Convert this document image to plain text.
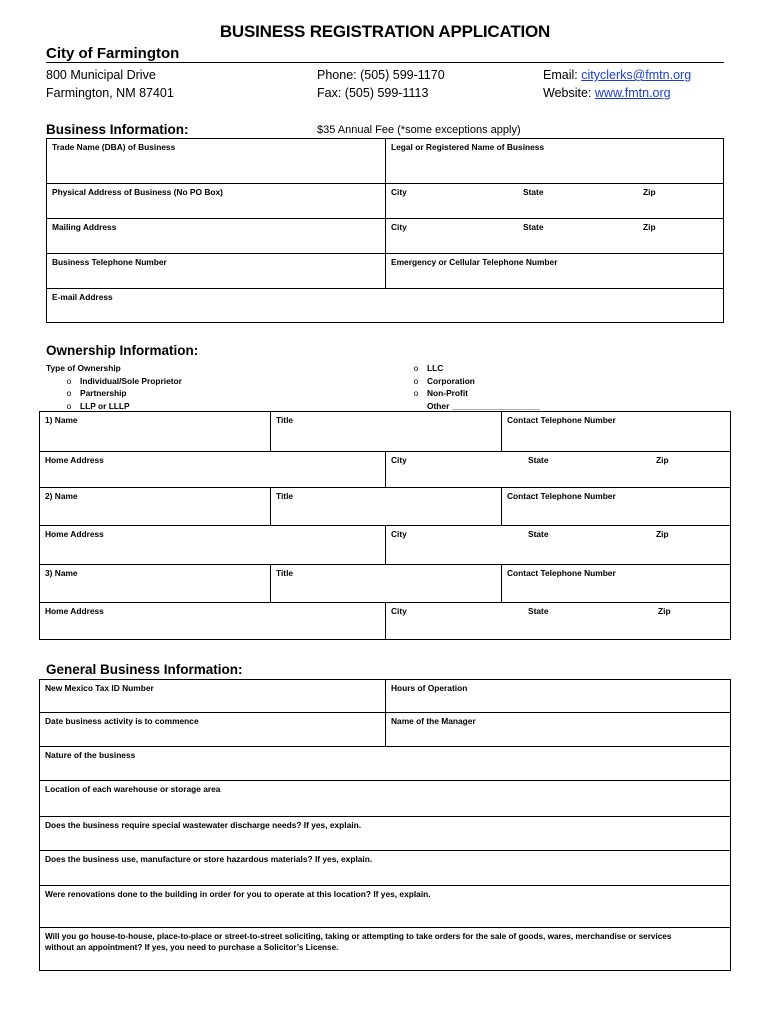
BUSINESS REGISTRATION APPLICATION
City of Farmington
800 Municipal Drive
Farmington, NM 87401
Phone: (505) 599-1170
Fax: (505) 599-1113
Email: cityclerks@fmtn.org
Website: www.fmtn.org
Business Information:	$35 Annual Fee (*some exceptions apply)
Trade Name (DBA) of Business	Legal or Registered Name of Business
Physical Address of Business (No PO Box)	City	State	Zip
Mailing Address	City	State	Zip
Business Telephone Number	Emergency or Cellular Telephone Number
E-mail Address
Ownership Information:
Type of Ownership
o Individual/Sole Proprietor
o Partnership
o LLP or LLLP
o LLC
o Corporation
o Non-Profit
Other ___________________
1) Name	Title	Contact Telephone Number
Home Address	City	State	Zip
2) Name	Title	Contact Telephone Number
Home Address	City	State	Zip
3) Name	Title	Contact Telephone Number
Home Address	City	State	Zip
General Business Information:
New Mexico Tax ID Number	Hours of Operation
Date business activity is to commence	Name of the Manager
Nature of the business
Location of each warehouse or storage area
Does the business require special wastewater discharge needs? If yes, explain.
Does the business use, manufacture or store hazardous materials? If yes, explain.
Were renovations done to the building in order for you to operate at this location? If yes, explain.
Will you go house-to-house, place-to-place or street-to-street soliciting, taking or attempting to take orders for the sale of goods, wares, merchandise or services
without an appointment? If yes, you need to purchase a Solicitor’s License.
